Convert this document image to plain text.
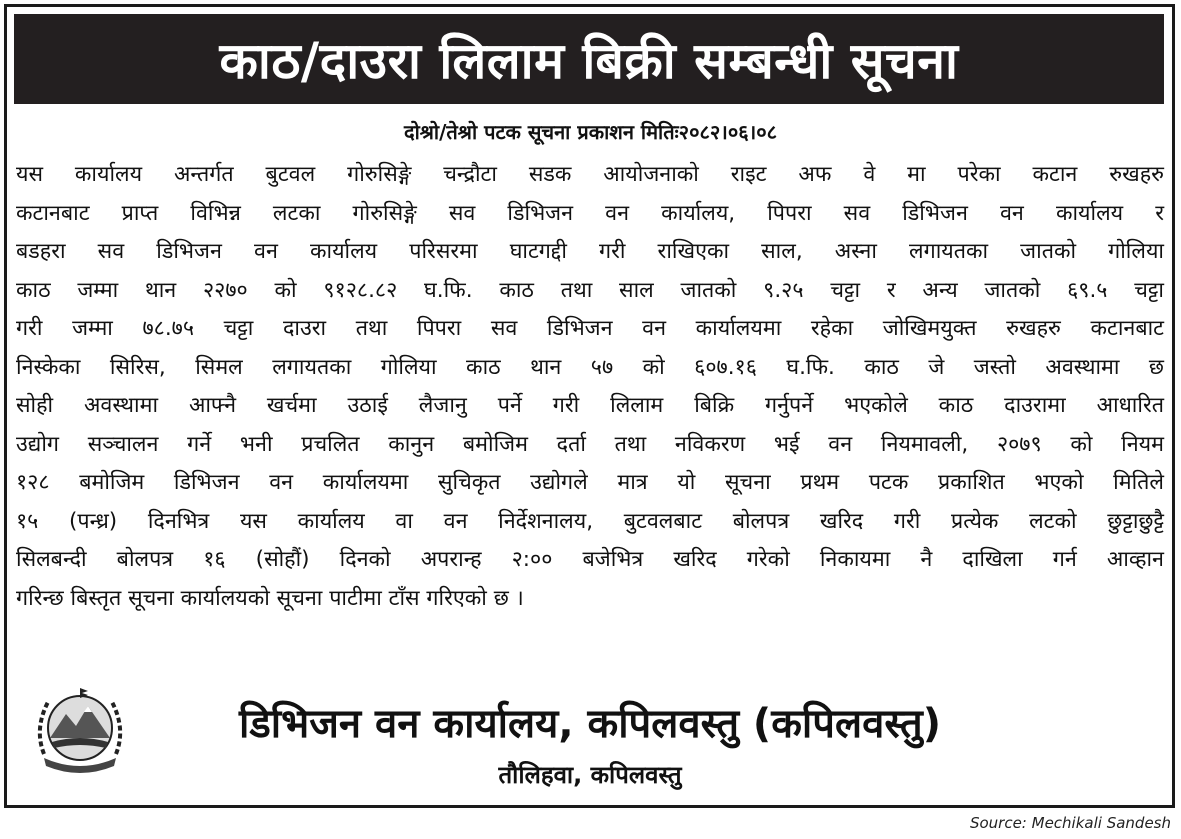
काठ/दाउरा लिलाम बिक्री सम्बन्धी सूचना
दोश्रो/तेश्रो पटक सूचना प्रकाशन मितिः२०८२।०६।०८
यस कार्यालय अन्तर्गत बुटवल गोरुसिङ्गे चन्द्रौटा सडक आयोजनाको राइट अफ वे मा परेका कटान रुखहरु
कटानबाट प्राप्त विभिन्न लटका गोरुसिङ्गे सव डिभिजन वन कार्यालय, पिपरा सव डिभिजन वन कार्यालय र
बडहरा सव डिभिजन वन कार्यालय परिसरमा घाटगद्दी गरी राखिएका साल, अस्ना लगायतका जातको गोलिया
काठ जम्मा थान २२७० को ९१२८.८२ घ.फि. काठ तथा साल जातको ९.२५ चट्टा र अन्य जातको ६९.५ चट्टा
गरी जम्मा ७८.७५ चट्टा दाउरा तथा पिपरा सव डिभिजन वन कार्यालयमा रहेका जोखिमयुक्त रुखहरु कटानबाट
निस्केका सिरिस, सिमल लगायतका गोलिया काठ थान ५७ को ६०७.१६ घ.फि. काठ जे जस्तो अवस्थामा छ
सोही अवस्थामा आफ्नै खर्चमा उठाई लैजानु पर्ने गरी लिलाम बिक्रि गर्नुपर्ने भएकोले काठ दाउरामा आधारित
उद्योग सञ्चालन गर्ने भनी प्रचलित कानुन बमोजिम दर्ता तथा नविकरण भई वन नियमावली, २०७९ को नियम
१२८ बमोजिम डिभिजन वन कार्यालयमा सुचिकृत उद्योगले मात्र यो सूचना प्रथम पटक प्रकाशित भएको मितिले
१५ (पन्ध्र) दिनभित्र यस कार्यालय वा वन निर्देशनालय, बुटवलबाट बोलपत्र खरिद गरी प्रत्येक लटको छुट्टाछुट्टै
सिलबन्दी बोलपत्र १६ (सोहौं) दिनको अपरान्ह २:०० बजेभित्र खरिद गरेको निकायमा नै दाखिला गर्न आव्हान
गरिन्छ बिस्तृत सूचना कार्यालयको सूचना पाटीमा टाँस गरिएको छ ।
डिभिजन वन कार्यालय, कपिलवस्तु (कपिलवस्तु)
तौलिहवा, कपिलवस्तु
Source: Mechikali Sandesh
